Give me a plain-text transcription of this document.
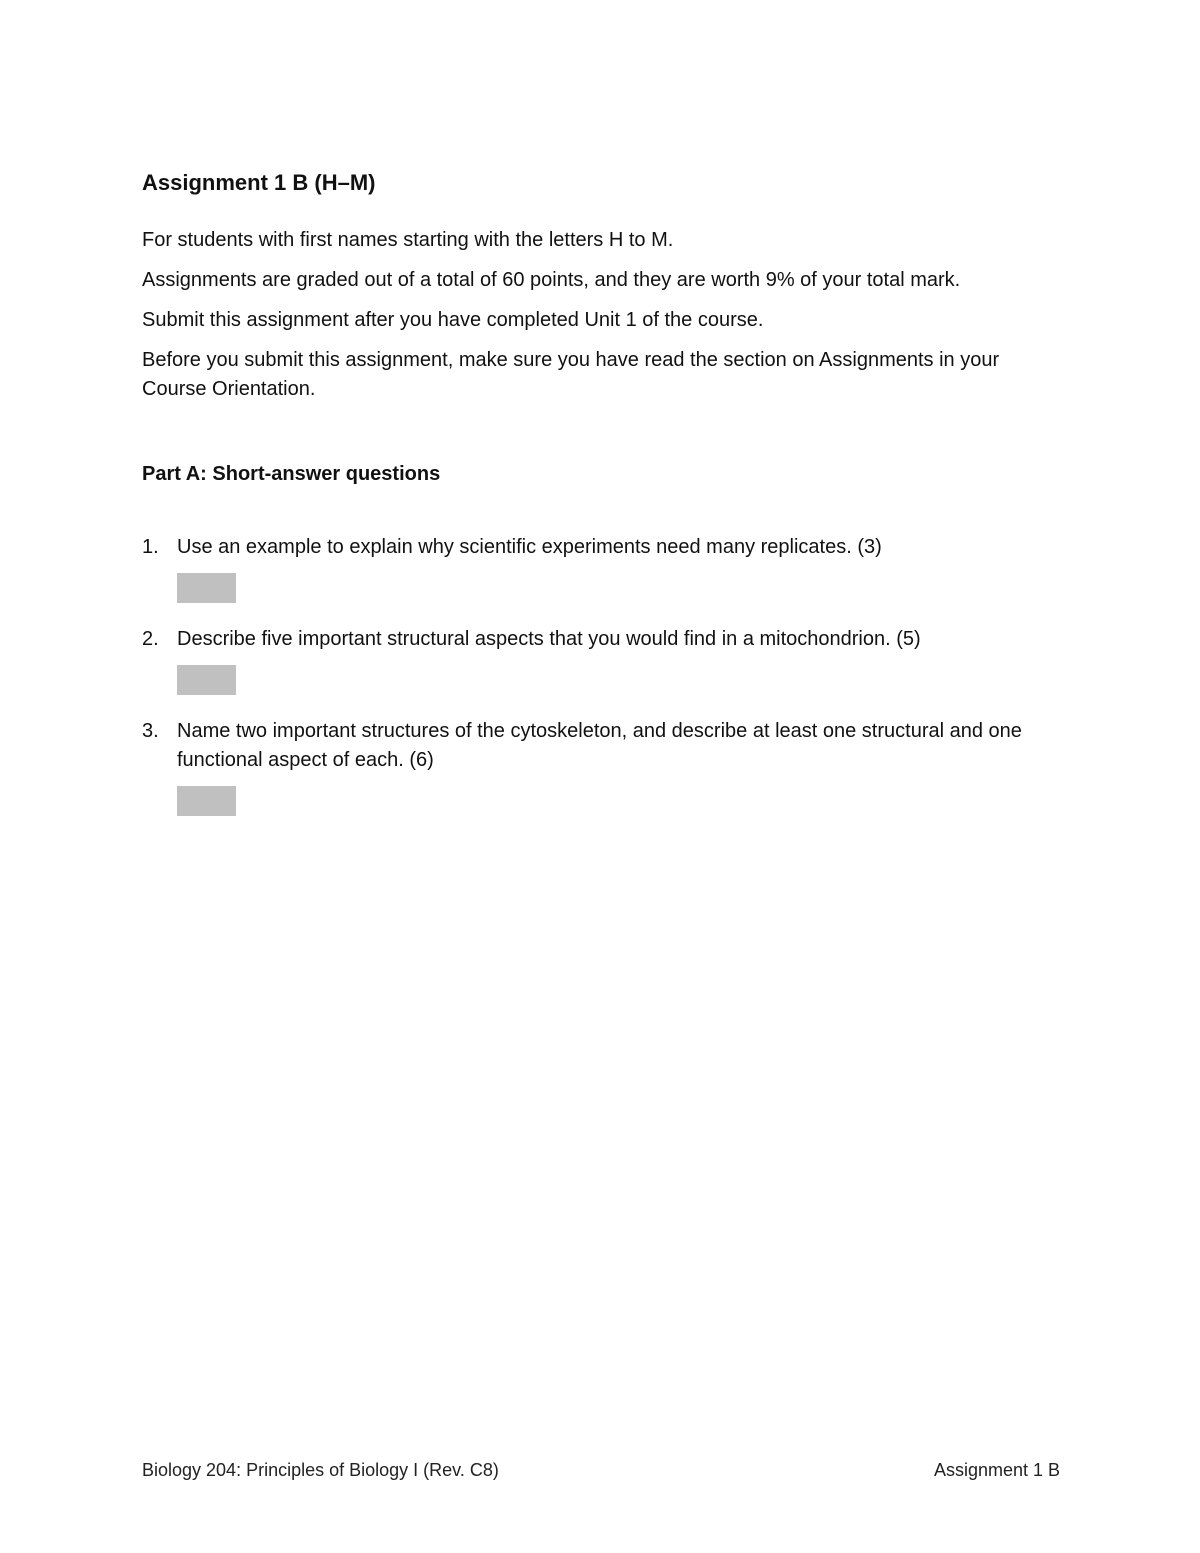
Assignment 1 B (H–M)
For students with first names starting with the letters H to M.
Assignments are graded out of a total of 60 points, and they are worth 9% of your total mark.
Submit this assignment after you have completed Unit 1 of the course.
Before you submit this assignment, make sure you have read the section on Assignments in your Course Orientation.
Part A: Short-answer questions
1. Use an example to explain why scientific experiments need many replicates. (3)
2. Describe five important structural aspects that you would find in a mitochondrion. (5)
3. Name two important structures of the cytoskeleton, and describe at least one structural and one functional aspect of each. (6)
Biology 204: Principles of Biology I (Rev. C8)	Assignment 1 B
